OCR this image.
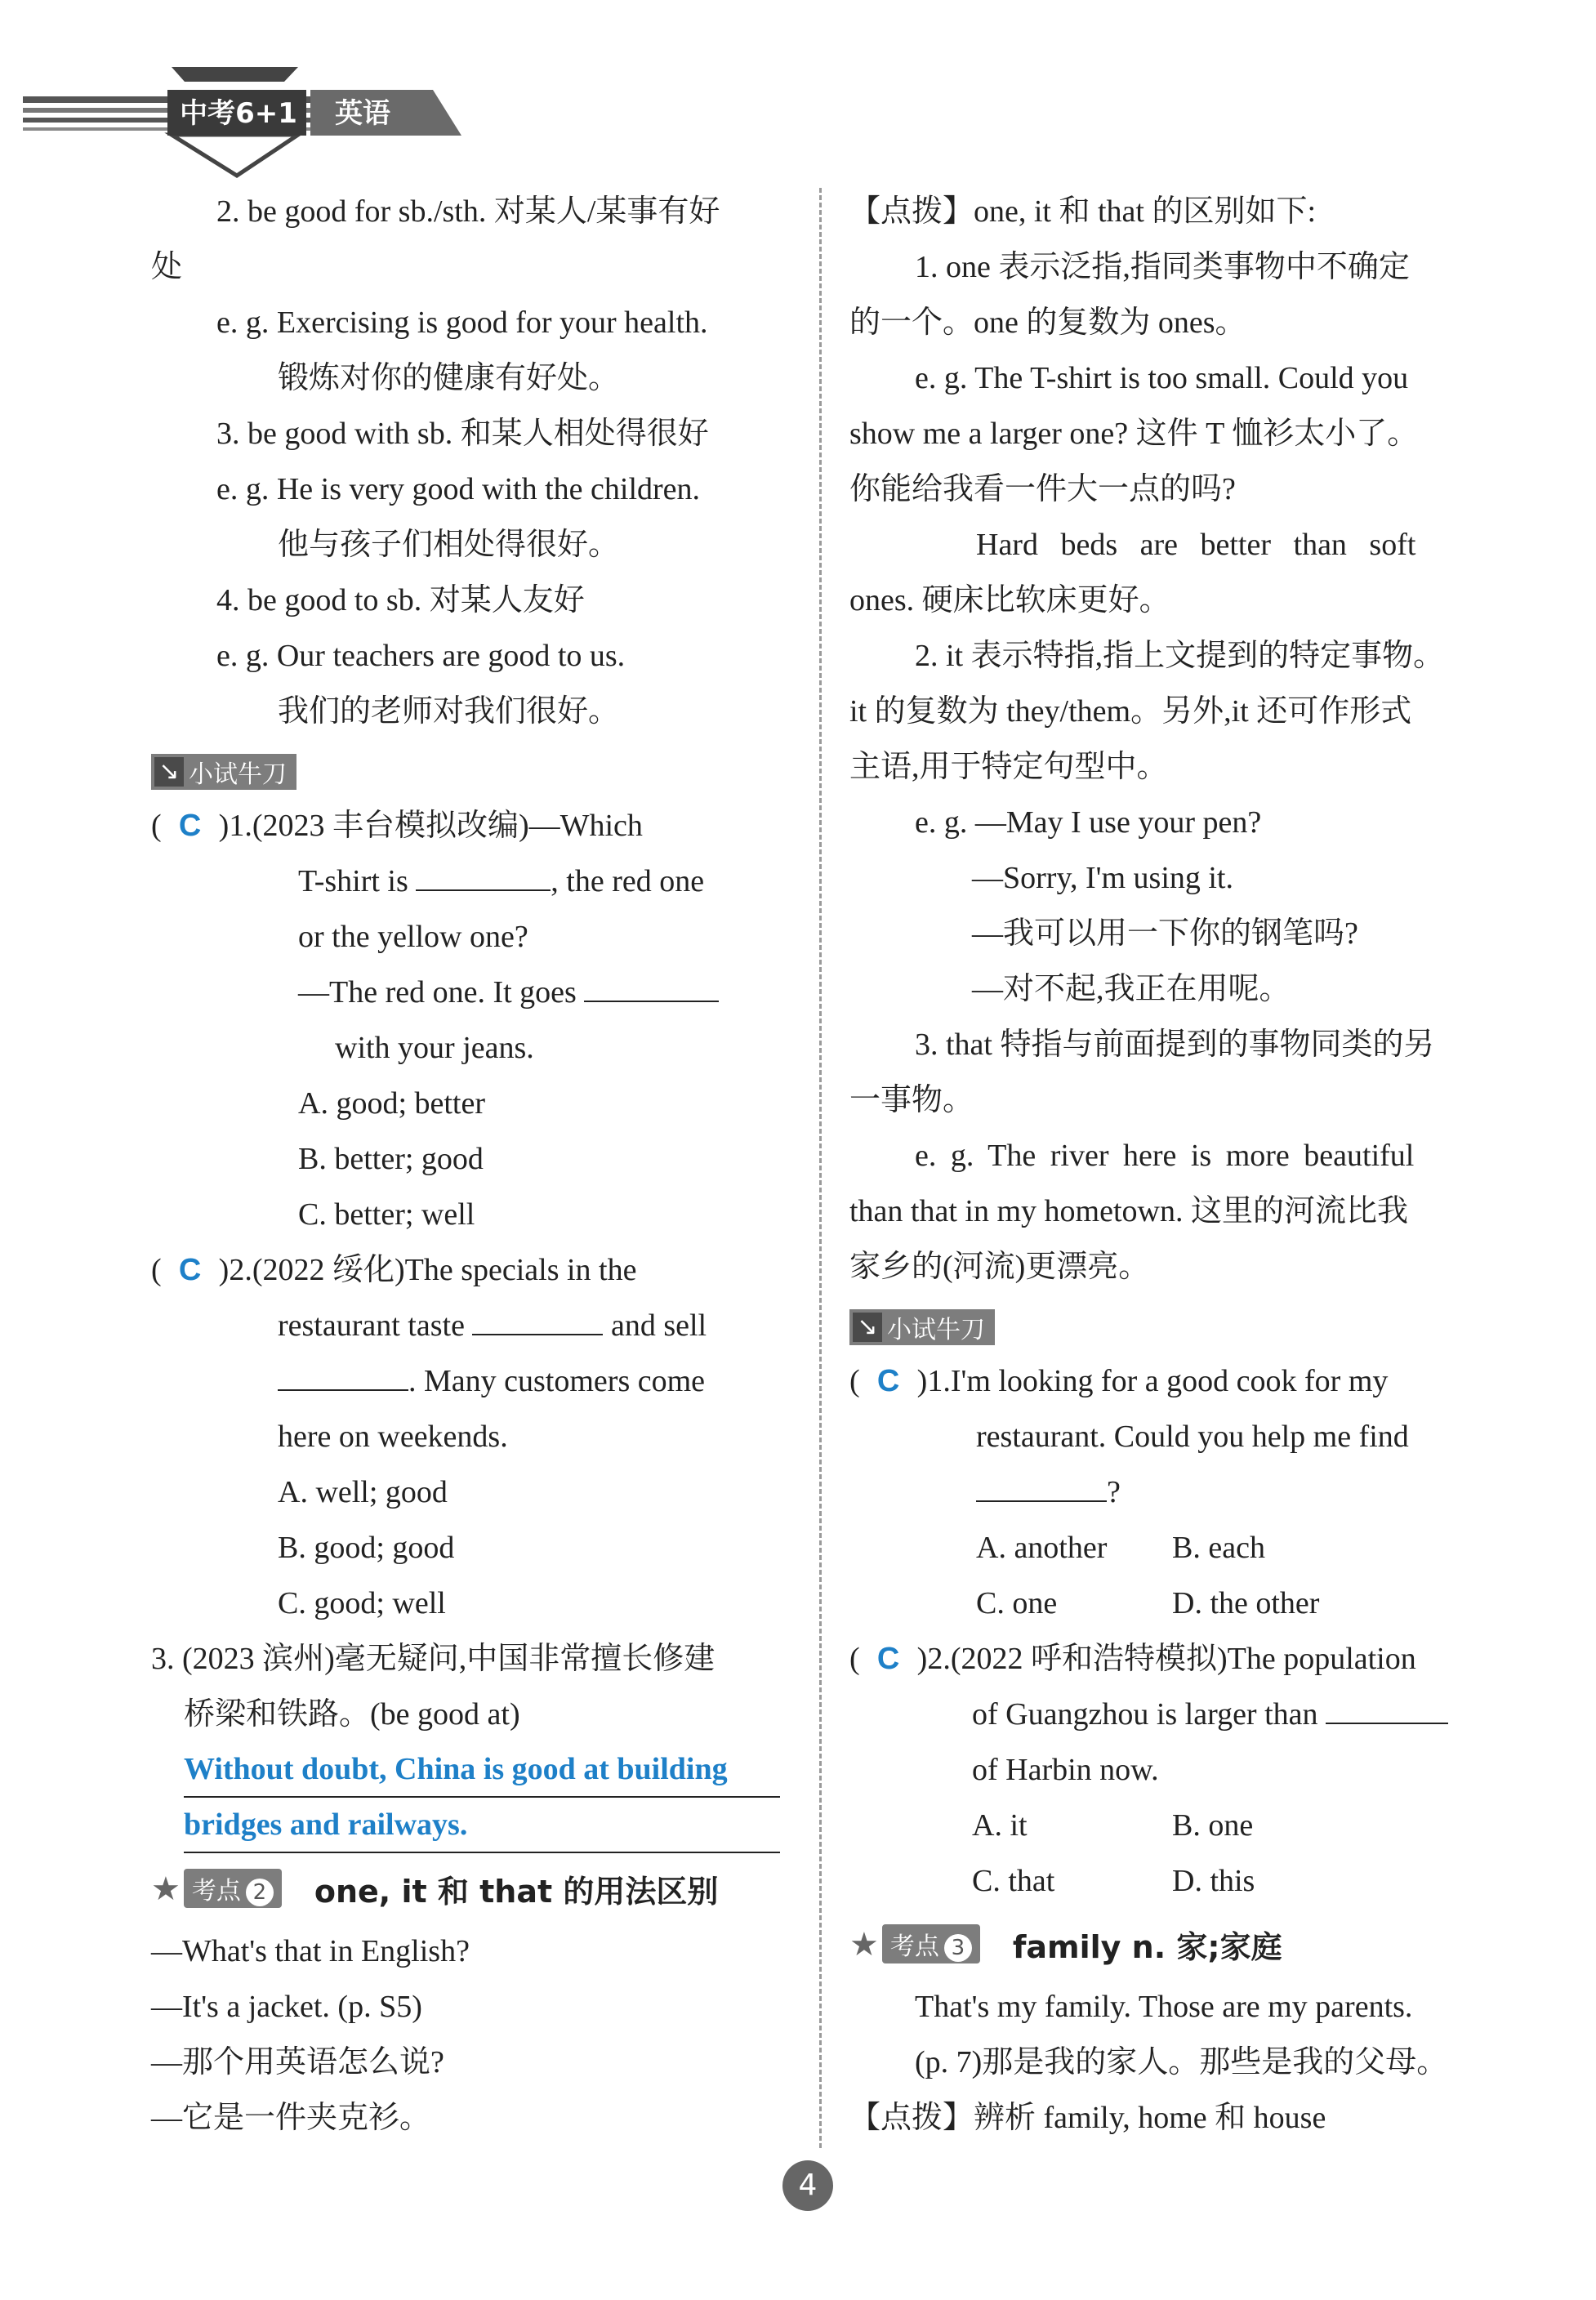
中考6+1 英语

2. be good for sb./sth. 对某人/某事有好

处

e. g. Exercising is good for your health.

锻炼对你的健康有好处。

3. be good with sb. 和某人相处得很好

e. g. He is very good with the children.

他与孩子们相处得很好。

4. be good to sb. 对某人友好

e. g. Our teachers are good to us.

我们的老师对我们很好。

↘ 小试牛刀

( C )1.(2023 丰台模拟改编)—Which

T-shirt is	, the red one

or the yellow one?

—The red one. It goes

with your jeans.

A. good; better

B. better; good

C. better; well

( C )2.(2022 绥化)The specials in the

restaurant taste	and sell

. Many customers come

here on weekends.

A. well; good

B. good; good

C. good; well

3. (2023 滨州)毫无疑问,中国非常擅长修建

桥梁和铁路。(be good at)

Without doubt, China is good at building
bridges and railways.
★ 考点 2	one, it 和 that 的用法区别

—What's that in English?

—It's a jacket. (p. S5)

—那个用英语怎么说?

—它是一件夹克衫。

【点拨】one, it 和 that 的区别如下:

1. one 表示泛指,指同类事物中不确定

的一个。one 的复数为 ones。

e. g. The T-shirt is too small. Could you

show me a larger one? 这件 T 恤衫太小了。

你能给我看一件大一点的吗?

Hard beds are better than soft

ones. 硬床比软床更好。

2. it 表示特指,指上文提到的特定事物。

it 的复数为 they/them。另外,it 还可作形式

主语,用于特定句型中。

e. g. —May I use your pen?

—Sorry, I'm using it.

—我可以用一下你的钢笔吗?

—对不起,我正在用呢。

3. that 特指与前面提到的事物同类的另

一事物。

e. g. The river here is more beautiful

than that in my hometown. 这里的河流比我

家乡的(河流)更漂亮。

↘ 小试牛刀

( C )1.I'm looking for a good cook for my

restaurant. Could you help me find

?

A. another B. each

C. one	D. the other

( C )2.(2022 呼和浩特模拟)The population

of Guangzhou is larger than

of Harbin now.

A. it	B. one

C. that	D. this

★ 考点 3	family n. 家;家庭

That's my family. Those are my parents.

(p. 7)那是我的家人。那些是我的父母。

【点拨】辨析 family, home 和 house

4
